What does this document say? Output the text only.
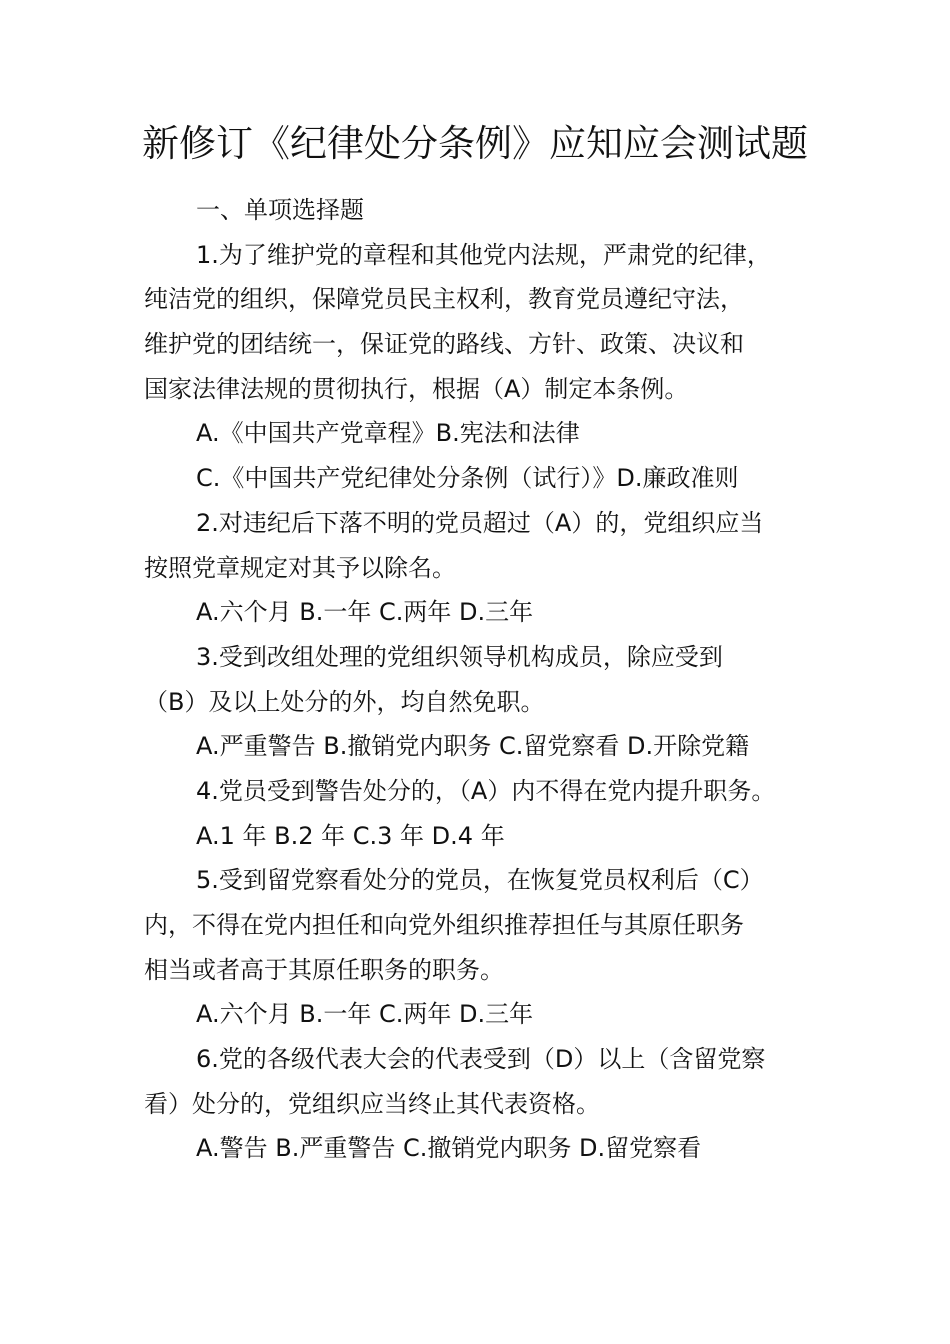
新修订《纪律处分条例》应知应会测试题
一、单项选择题
1.为了维护党的章程和其他党内法规，严肃党的纪律，
纯洁党的组织，保障党员民主权利，教育党员遵纪守法，
维护党的团结统一，保证党的路线、方针、政策、决议和
国家法律法规的贯彻执行，根据（A）制定本条例。
A.《中国共产党章程》B.宪法和法律
C.《中国共产党纪律处分条例（试行）》D.廉政准则
2.对违纪后下落不明的党员超过（A）的，党组织应当
按照党章规定对其予以除名。
A.六个月 B.一年 C.两年 D.三年
3.受到改组处理的党组织领导机构成员，除应受到
（B）及以上处分的外，均自然免职。
A.严重警告 B.撤销党内职务 C.留党察看 D.开除党籍
4.党员受到警告处分的，（A）内不得在党内提升职务。
A.1 年 B.2 年 C.3 年 D.4 年
5.受到留党察看处分的党员，在恢复党员权利后（C）
内，不得在党内担任和向党外组织推荐担任与其原任职务
相当或者高于其原任职务的职务。
A.六个月 B.一年 C.两年 D.三年
6.党的各级代表大会的代表受到（D）以上（含留党察
看）处分的，党组织应当终止其代表资格。
A.警告 B.严重警告 C.撤销党内职务 D.留党察看
